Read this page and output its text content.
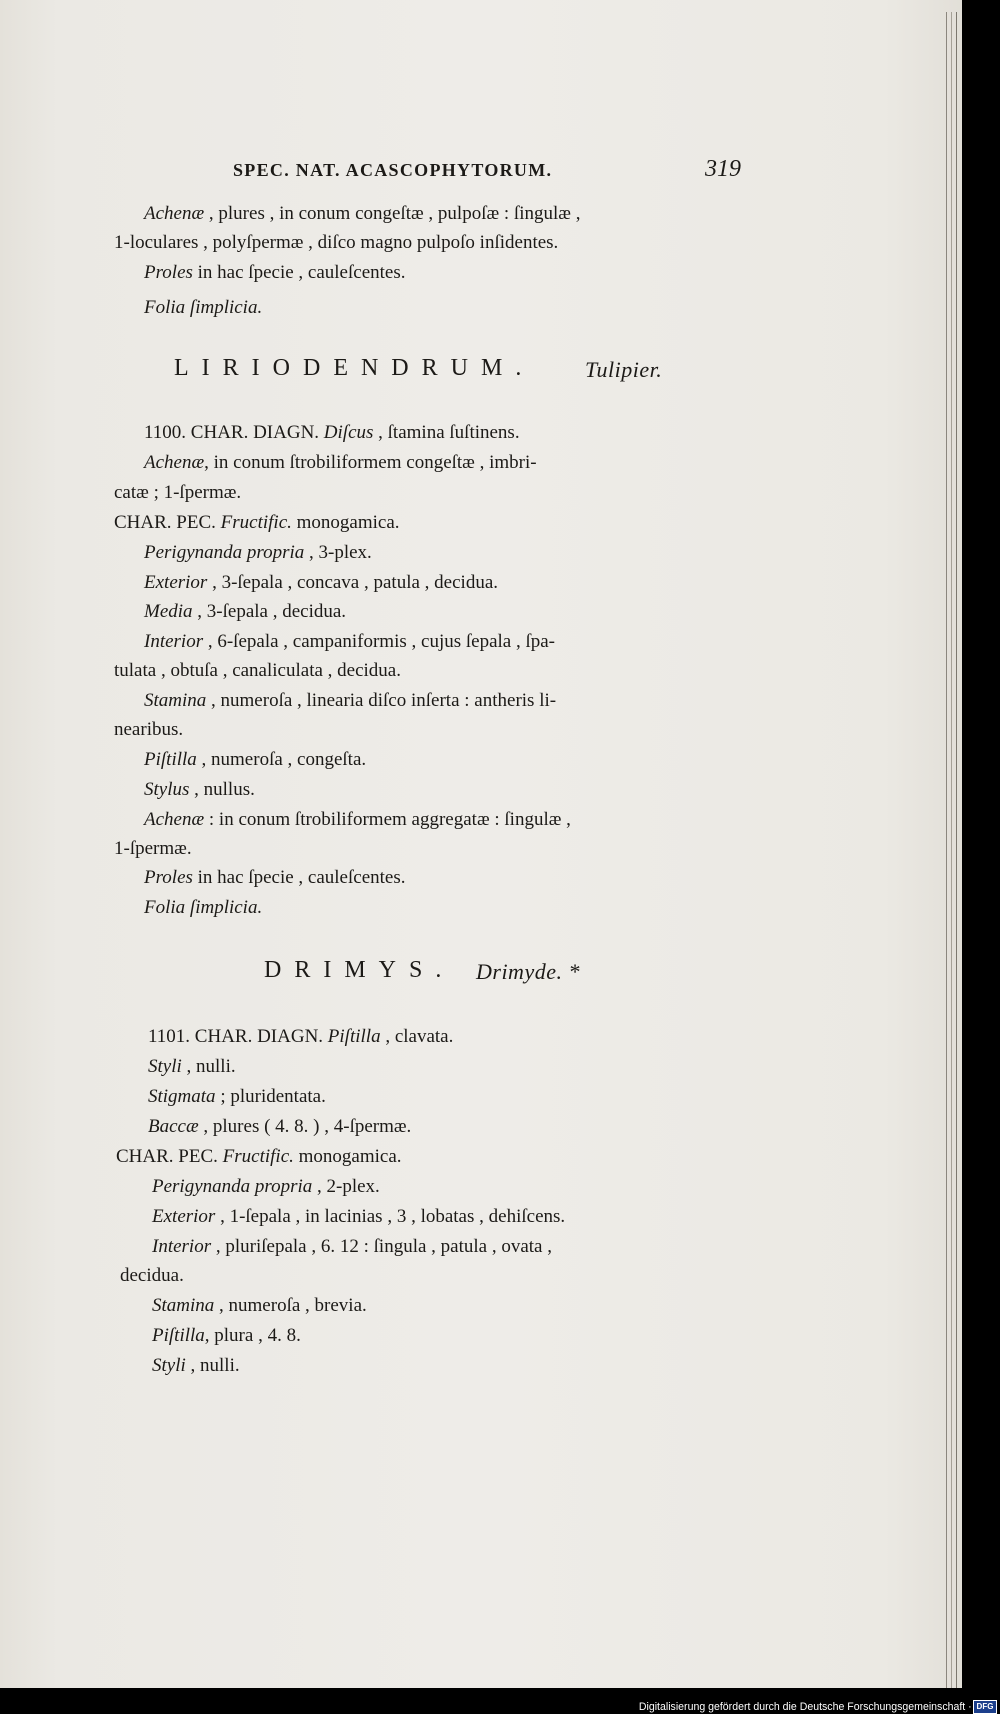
SPEC. NAT. ACASCOPHYTORUM.	319
Achenæ , plures , in conum congeſtæ , pulpoſæ : ſingulæ ,
1-loculares , polyſpermæ , diſco magno pulpoſo inſidentes.
Proles in hac ſpecie , cauleſcentes.
Folia ſimplicia.
LIRIODENDRUM. Tulipier.
1100. CHAR. DIAGN. Diſcus , ſtamina ſuſtinens.
Achenæ, in conum ſtrobiliformem congeſtæ , imbri-
catæ ; 1-ſpermæ.
CHAR. PEC. Fructific. monogamica.
Perigynanda propria , 3-plex.
Exterior , 3-ſepala , concava , patula , decidua.
Media , 3-ſepala , decidua.
Interior , 6-ſepala , campaniformis , cujus ſepala , ſpa-
tulata , obtuſa , canaliculata , decidua.
Stamina , numeroſa , linearia diſco inſerta : antheris li-
nearibus.
Piſtilla , numeroſa , congeſta.
Stylus , nullus.
Achenæ : in conum ſtrobiliformem aggregatæ : ſingulæ ,
1-ſpermæ.
Proles in hac ſpecie , cauleſcentes.
Folia ſimplicia.
DRIMYS. Drimyde. *
1101. CHAR. DIAGN. Piſtilla , clavata.
Styli , nulli.
Stigmata ; pluridentata.
Baccæ , plures ( 4. 8. ) , 4-ſpermæ.
CHAR. PEC. Fructific. monogamica.
Perigynanda propria , 2-plex.
Exterior , 1-ſepala , in lacinias , 3 , lobatas , dehiſcens.
Interior , pluriſepala , 6. 12 : ſingula , patula , ovata ,
decidua.
Stamina , numeroſa , brevia.
Piſtilla, plura , 4. 8.
Styli , nulli.
Digitalisierung gefördert durch die Deutsche Forschungsgemeinschaft · DFG
